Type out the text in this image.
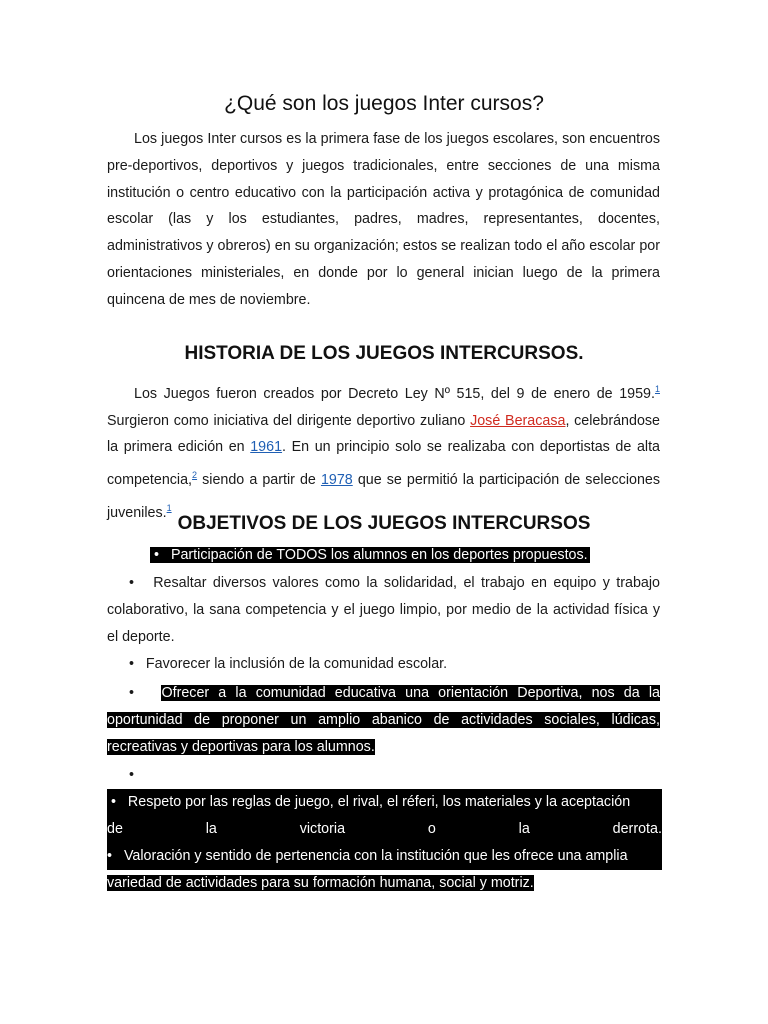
¿Qué son los juegos Inter cursos?

Los juegos Inter cursos es la primera fase de los juegos escolares, son encuentros pre-deportivos, deportivos y juegos tradicionales, entre secciones de una misma institución o centro educativo con la participación activa y protagónica de comunidad escolar (las y los estudiantes, padres, madres, representantes, docentes, administrativos y obreros) en su organización; estos se realizan todo el año escolar por orientaciones ministeriales, en donde por lo general inician luego de la primera quincena de mes de noviembre.

HISTORIA DE LOS JUEGOS INTERCURSOS.

Los Juegos fueron creados por Decreto Ley Nº 515, del 9 de enero de 1959.$^1$ Surgieron como iniciativa del dirigente deportivo zuliano José Beracasa, celebrándose la primera edición en 1961. En un principio solo se realizaba con deportistas de alta competencia,$^2$ siendo a partir de 1978 que se permitió la participación de selecciones juveniles.$^1$

OBJETIVOS DE LOS JUEGOS INTERCURSOS
• Participación de TODOS los alumnos en los deportes propuestos.

• Resaltar diversos valores como la solidaridad, el trabajo en equipo y trabajo colaborativo, la sana competencia y el juego limpio, por medio de la actividad física y el deporte.

• Favorecer la inclusión de la comunidad escolar.

• Ofrecer a la comunidad educativa una orientación Deportiva, nos da la oportunidad de proponer un amplio abanico de actividades sociales, lúdicas, recreativas y deportivas para los alumnos.

•
• Respeto por las reglas de juego, el rival, el réferi, los materiales y la aceptación
de	la	victoria	o	la	derrota.
• Valoración y sentido de pertenencia con la institución que les ofrece una amplia
variedad de actividades para su formación humana, social y motriz.
